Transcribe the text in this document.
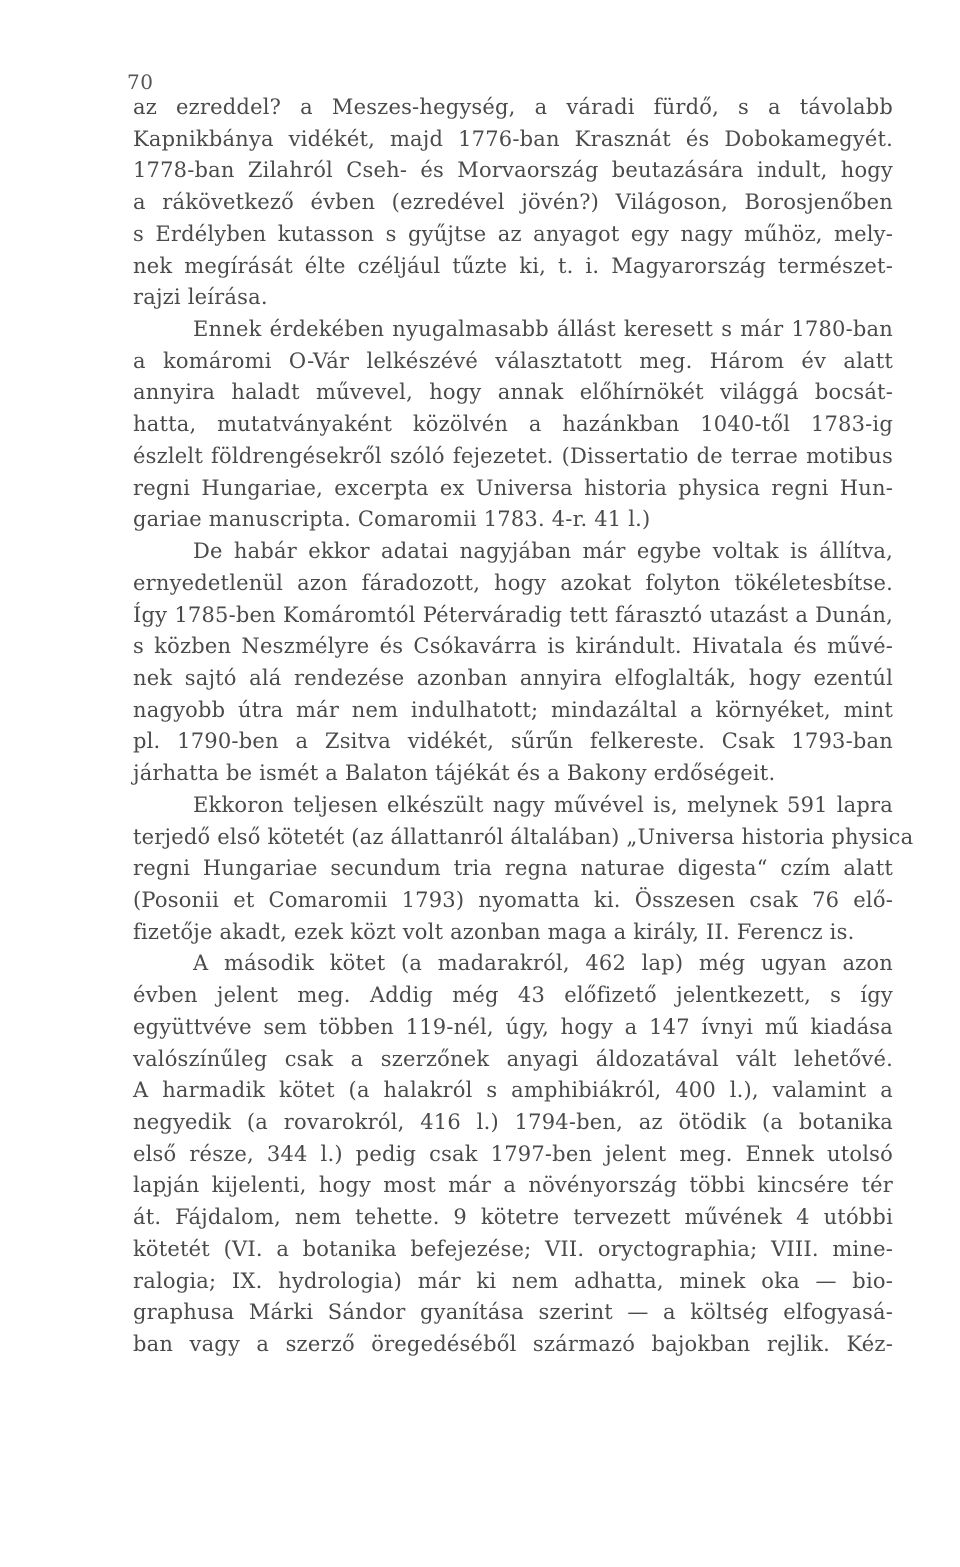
70
az ezreddel? a Meszes-hegység, a váradi fürdő, s a távolabb
Kapnikbánya vidékét, majd 1776-ban Krasznát és Dobokamegyét.
1778-ban Zilahról Cseh- és Morvaország beutazására indult, hogy
a rákövetkező évben (ezredével jövén?) Világoson, Borosjenőben
s Erdélyben kutasson s gyűjtse az anyagot egy nagy műhöz, mely-
nek megírását élte czéljául tűzte ki, t. i. Magyarország természet-
rajzi leírása.
Ennek érdekében nyugalmasabb állást keresett s már 1780-ban
a komáromi O-Vár lelkészévé választatott meg. Három év alatt
annyira haladt művevel, hogy annak előhírnökét világgá bocsát-
hatta, mutatványaként közölvén a hazánkban 1040-től 1783-ig
észlelt földrengésekről szóló fejezetet. (Dissertatio de terrae motibus
regni Hungariae, excerpta ex Universa historia physica regni Hun-
gariae manuscripta. Comaromii 1783. 4-r. 41 l.)
De habár ekkor adatai nagyjában már egybe voltak is állítva,
ernyedetlenül azon fáradozott, hogy azokat folyton tökéletesbítse.
Így 1785-ben Komáromtól Péterváradig tett fárasztó utazást a Dunán,
s közben Neszmélyre és Csókavárra is kirándult. Hivatala és művé-
nek sajtó alá rendezése azonban annyira elfoglalták, hogy ezentúl
nagyobb útra már nem indulhatott; mindazáltal a környéket, mint
pl. 1790-ben a Zsitva vidékét, sűrűn felkereste. Csak 1793-ban
járhatta be ismét a Balaton tájékát és a Bakony erdőségeit.
Ekkoron teljesen elkészült nagy művével is, melynek 591 lapra
terjedő első kötetét (az állattanról általában) „Universa historia physica
regni Hungariae secundum tria regna naturae digesta“ czím alatt
(Posonii et Comaromii 1793) nyomatta ki. Összesen csak 76 elő-
fizetője akadt, ezek közt volt azonban maga a király, II. Ferencz is.
A második kötet (a madarakról, 462 lap) még ugyan azon
évben jelent meg. Addig még 43 előfizető jelentkezett, s így
együttvéve sem többen 119-nél, úgy, hogy a 147 ívnyi mű kiadása
valószínűleg csak a szerzőnek anyagi áldozatával vált lehetővé.
A harmadik kötet (a halakról s amphibiákról, 400 l.), valamint a
negyedik (a rovarokról, 416 l.) 1794-ben, az ötödik (a botanika
első része, 344 l.) pedig csak 1797-ben jelent meg. Ennek utolsó
lapján kijelenti, hogy most már a növényország többi kincsére tér
át. Fájdalom, nem tehette. 9 kötetre tervezett művének 4 utóbbi
kötetét (VI. a botanika befejezése; VII. oryctographia; VIII. mine-
ralogia; IX. hydrologia) már ki nem adhatta, minek oka — bio-
graphusa Márki Sándor gyanítása szerint — a költség elfogyasá-
ban vagy a szerző öregedéséből származó bajokban rejlik. Kéz-
